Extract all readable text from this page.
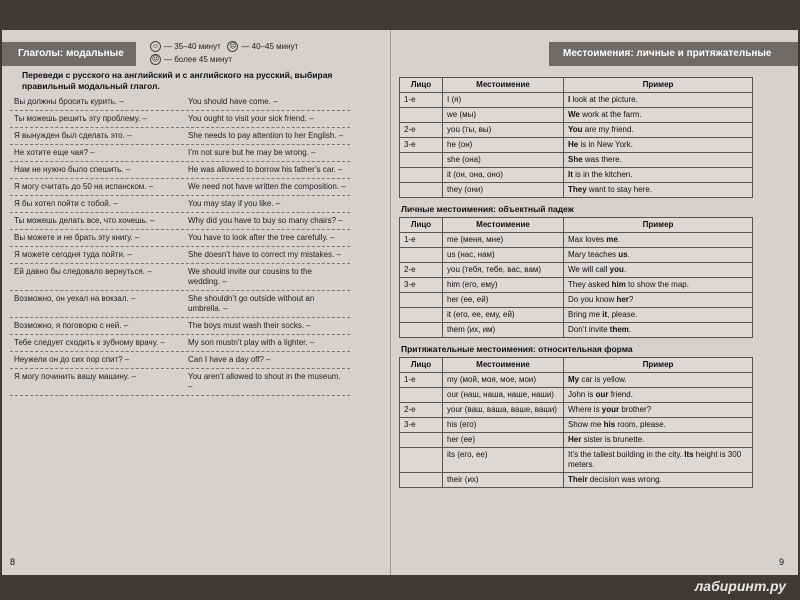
Глаголы: модальные
☺ — 35–40 минут ☹ — 40–45 минут
☹ — более 45 минут
Переведи с русского на английский и с английского на русский, выбирая правильный модальный глагол.
Вы должны бросить курить. –	You should have come. –
Ты можешь решить эту проблему. –	You ought to visit your sick friend. –
Я вынужден был сделать это. –	She needs to pay attention to her English. –
Не хотите еще чая? –	I’m not sure but he may be wrong. –
Нам не нужно было спешить. –	He was allowed to borrow his father’s car. –
Я могу считать до 50 на испанском. –	We need not have written the composition. –
Я бы хотел пойти с тобой. –	You may stay if you like. –
Ты можешь делать все, что хочешь. –	Why did you have to buy so many chairs? –
Вы можете и не брать эту книгу. –	You have to look after the tree carefully. –
Я можете сегодня туда пойти. –	She doesn’t have to correct my mistakes. –
Ей давно бы следовало вернуться. –	We should invite our cousins to the wedding. –
Возможно, он уехал на вокзал. –	She shouldn’t go outside without an umbrella. –
Возможно, я поговорю с ней. –	The boys must wash their socks. –
Тебе следует сходить к зубному врачу. –	My son mustn’t play with a lighter. –
Неужели он до сих пор спит? –	Can I have a day off? –
Я могу починить вашу машину. –	You aren’t allowed to shout in the museum. –
8
Местоимения: личные и притяжательные
Лицо	Местоимение	Пример
1-е	I (я)	I look at the picture.
	we (мы)	We work at the farm.
2-е	you (ты, вы)	You are my friend.
3-е	he (он)	He is in New York.
	she (она)	She was there.
	it (он, она, оно)	It is in the kitchen.
	they (они)	They want to stay here.
Личные местоимения: объектный падеж
Лицо	Местоимение	Пример
1-е	me (меня, мне)	Max loves me.
	us (нас, нам)	Mary teaches us.
2-е	you (тебя, тебе, вас, вам)	We will call you.
3-е	him (его, ему)	They asked him to show the map.
	her (ее, ей)	Do you know her?
	it (его, ее, ему, ей)	Bring me it, please.
	them (их, им)	Don’t invite them.
Притяжательные местоимения: относительная форма
Лицо	Местоимение	Пример
1-е	my (мой, моя, мое, мои)	My car is yellow.
	our (наш, наша, наше, наши)	John is our friend.
2-е	your (ваш, ваша, ваше, ваши)	Where is your brother?
3-е	his (его)	Show me his room, please.
	her (ее)	Her sister is brunette.
	its (его, ее)	It’s the tallest building in the city. Its height is 300 meters.
	their (их)	Their decision was wrong.
9
лабиринт.ру
